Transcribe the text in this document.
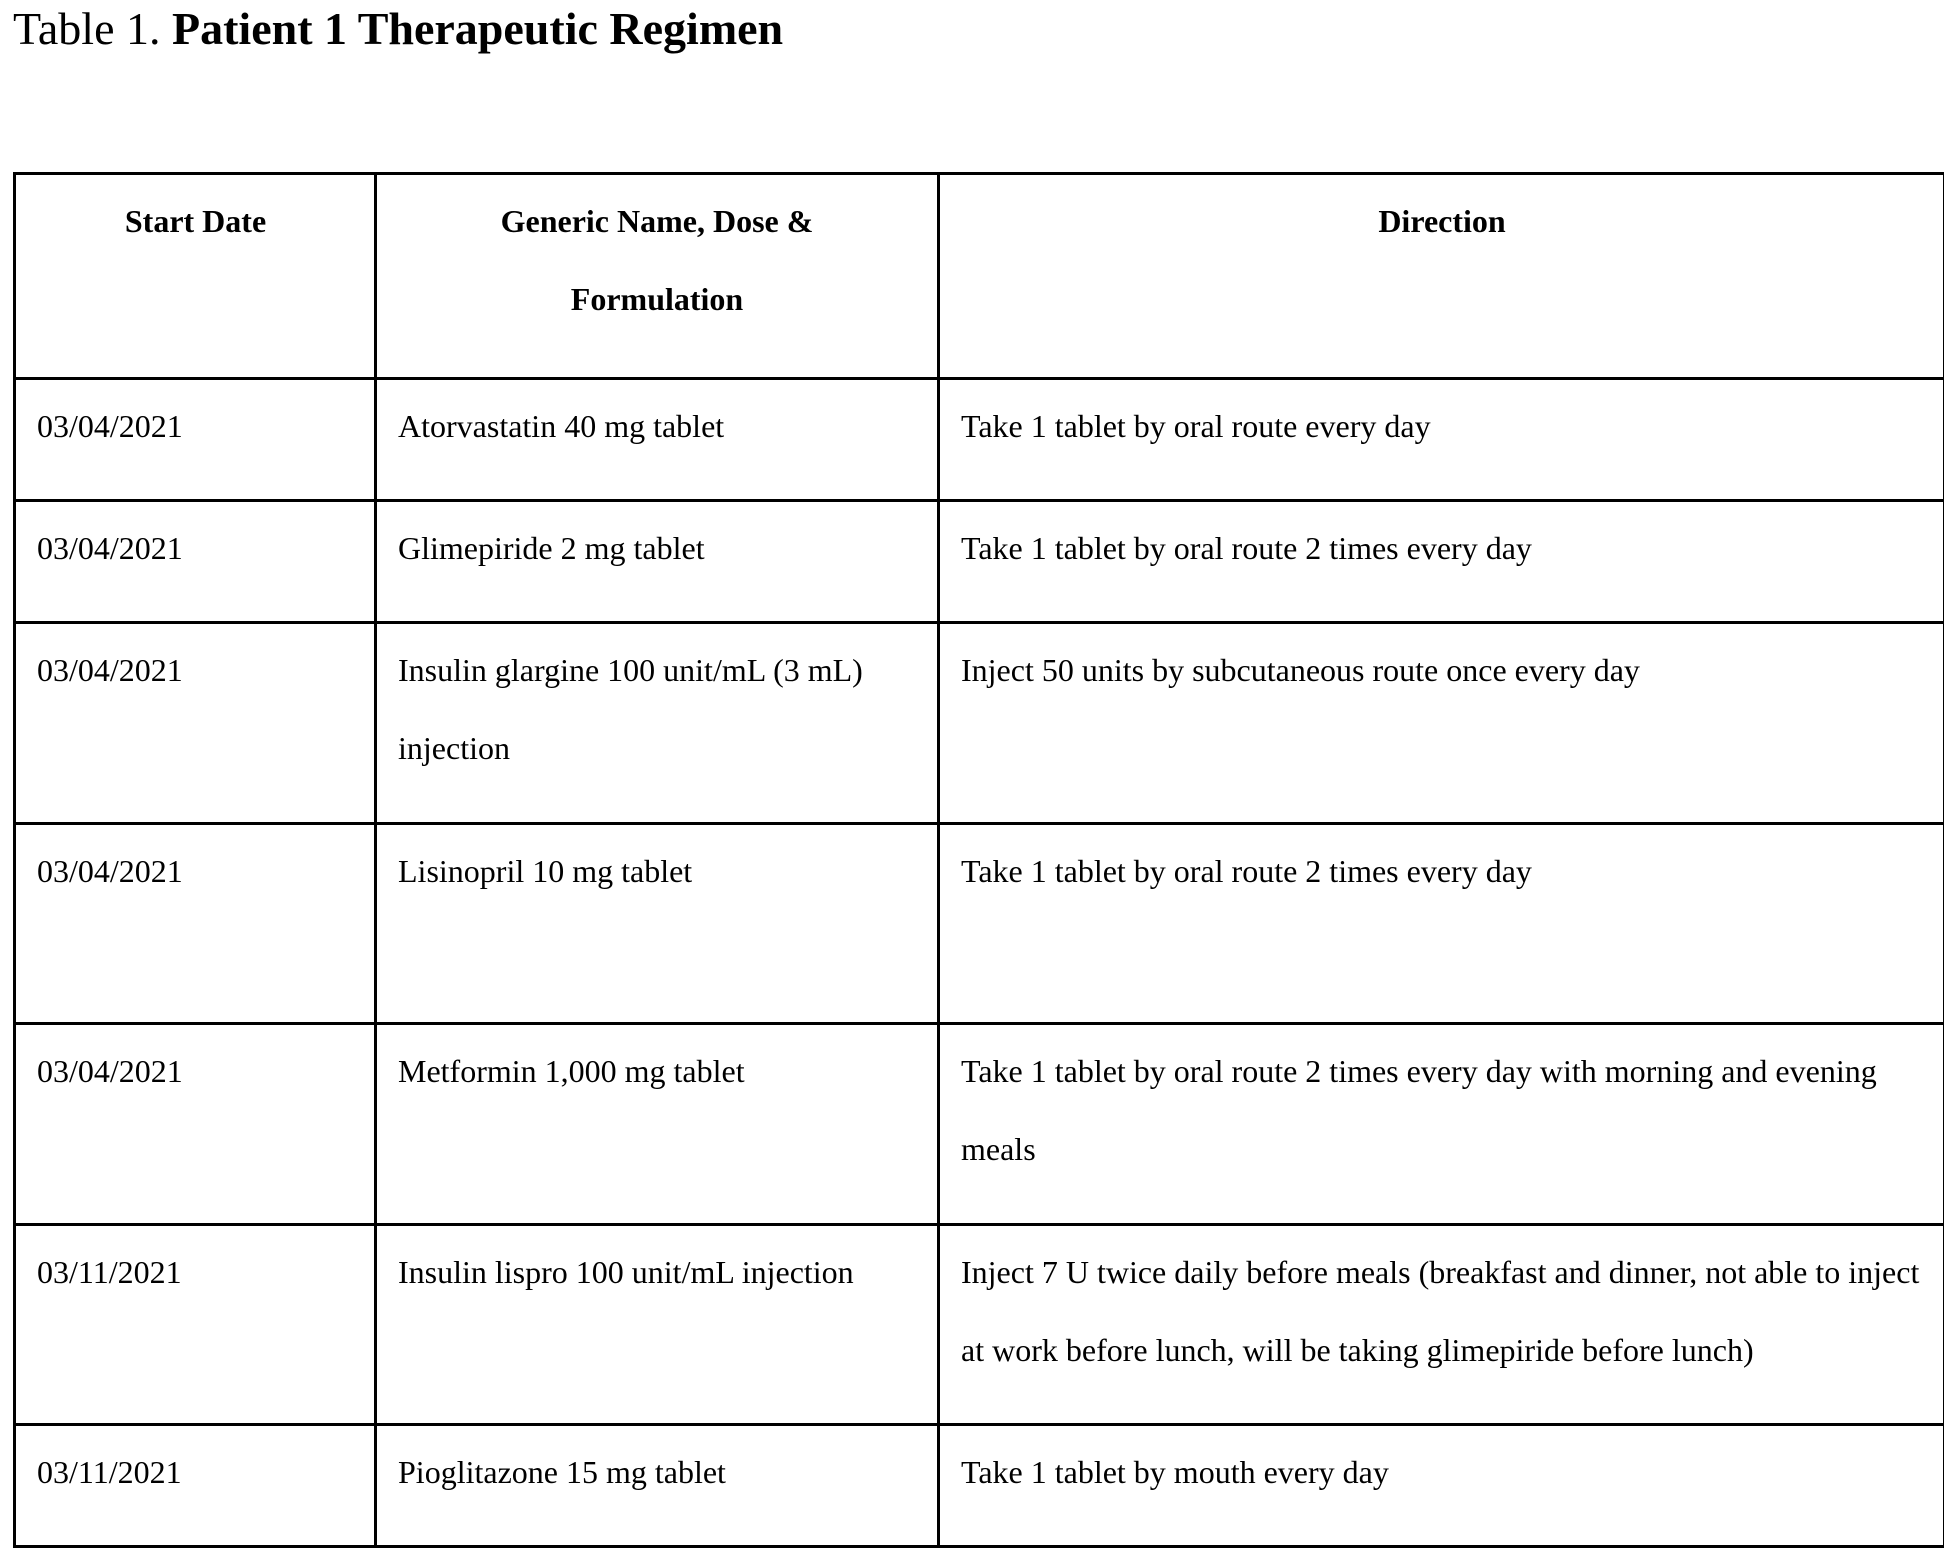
Table 1. Patient 1 Therapeutic Regimen
Start Date	Generic Name, Dose & Formulation	Direction
03/04/2021	Atorvastatin 40 mg tablet	Take 1 tablet by oral route every day
03/04/2021	Glimepiride 2 mg tablet	Take 1 tablet by oral route 2 times every day
03/04/2021	Insulin glargine 100 unit/mL (3 mL) injection	Inject 50 units by subcutaneous route once every day
03/04/2021	Lisinopril 10 mg tablet	Take 1 tablet by oral route 2 times every day
03/04/2021	Metformin 1,000 mg tablet	Take 1 tablet by oral route 2 times every day with morning and evening meals
03/11/2021	Insulin lispro 100 unit/mL injection	Inject 7 U twice daily before meals (breakfast and dinner, not able to inject at work before lunch, will be taking glimepiride before lunch)
03/11/2021	Pioglitazone 15 mg tablet	Take 1 tablet by mouth every day
